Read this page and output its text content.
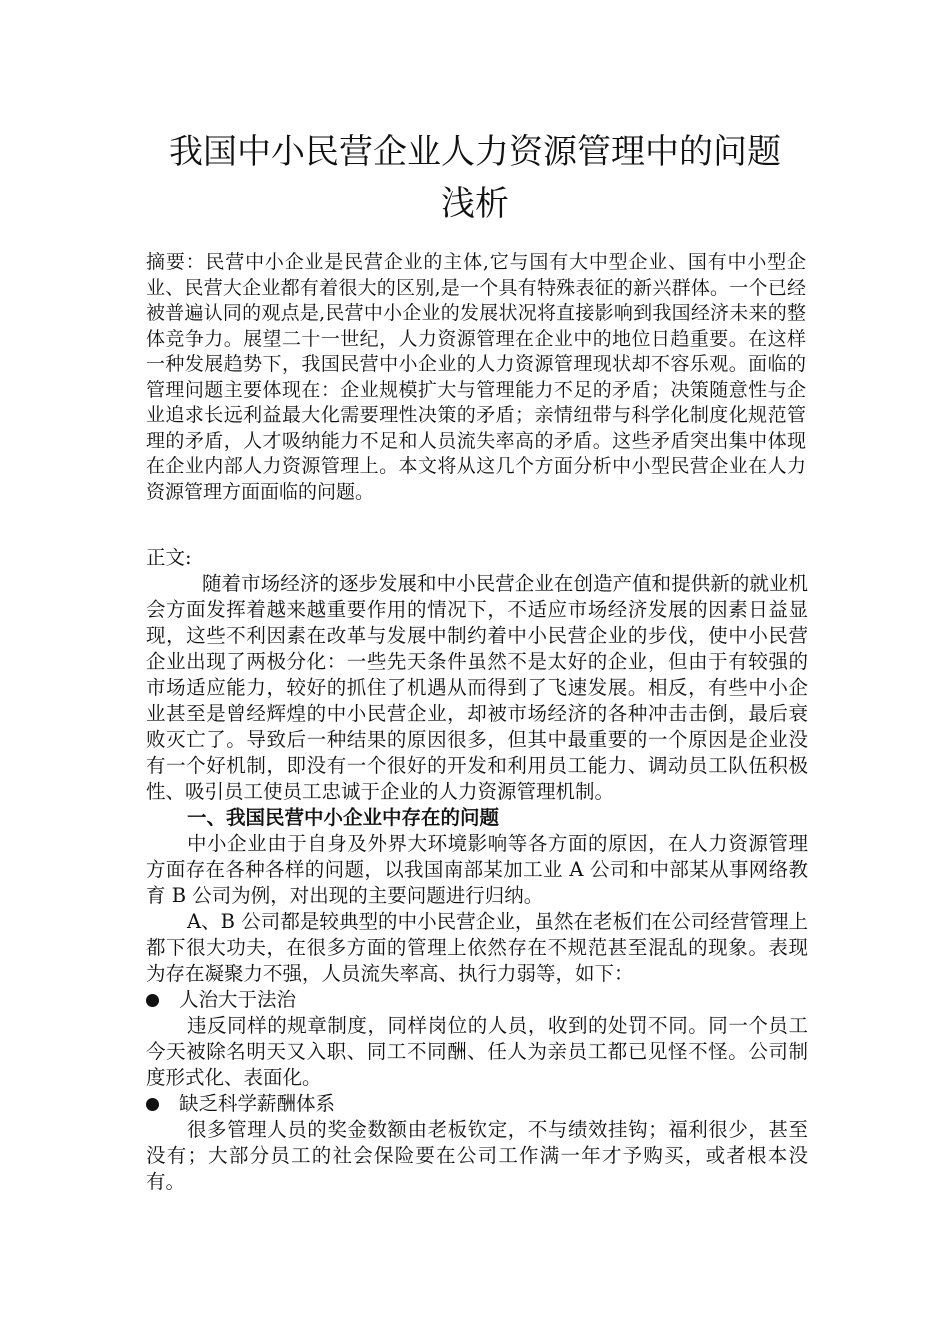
我国中小民营企业人力资源管理中的问题
浅析

摘要：民营中小企业是民营企业的主体,它与国有大中型企业、国有中小型企业、民营大企业都有着很大的区别,是一个具有特殊表征的新兴群体。一个已经被普遍认同的观点是,民营中小企业的发展状况将直接影响到我国经济未来的整体竞争力。展望二十一世纪，人力资源管理在企业中的地位日趋重要。在这样一种发展趋势下，我国民营中小企业的人力资源管理现状却不容乐观。面临的管理问题主要体现在：企业规模扩大与管理能力不足的矛盾；决策随意性与企业追求长远利益最大化需要理性决策的矛盾；亲情纽带与科学化制度化规范管理的矛盾，人才吸纳能力不足和人员流失率高的矛盾。这些矛盾突出集中体现在企业内部人力资源管理上。本文将从这几个方面分析中小型民营企业在人力资源管理方面面临的问题。

正文:

随着市场经济的逐步发展和中小民营企业在创造产值和提供新的就业机会方面发挥着越来越重要作用的情况下，不适应市场经济发展的因素日益显现，这些不利因素在改革与发展中制约着中小民营企业的步伐，使中小民营企业出现了两极分化：一些先天条件虽然不是太好的企业，但由于有较强的市场适应能力，较好的抓住了机遇从而得到了飞速发展。相反，有些中小企业甚至是曾经辉煌的中小民营企业，却被市场经济的各种冲击击倒，最后衰败灭亡了。导致后一种结果的原因很多，但其中最重要的一个原因是企业没有一个好机制，即没有一个很好的开发和利用员工能力、调动员工队伍积极性、吸引员工使员工忠诚于企业的人力资源管理机制。

一、我国民营中小企业中存在的问题

中小企业由于自身及外界大环境影响等各方面的原因，在人力资源管理方面存在各种各样的问题，以我国南部某加工业 A 公司和中部某从事网络教育 B 公司为例，对出现的主要问题进行归纳。

A、B 公司都是较典型的中小民营企业，虽然在老板们在公司经营管理上都下很大功夫，在很多方面的管理上依然存在不规范甚至混乱的现象。表现为存在凝聚力不强，人员流失率高、执行力弱等，如下：

人治大于法治

违反同样的规章制度，同样岗位的人员，收到的处罚不同。同一个员工今天被除名明天又入职、同工不同酬、任人为亲员工都已见怪不怪。公司制度形式化、表面化。

缺乏科学薪酬体系

很多管理人员的奖金数额由老板钦定，不与绩效挂钩；福利很少，甚至没有；大部分员工的社会保险要在公司工作满一年才予购买，或者根本没有。
